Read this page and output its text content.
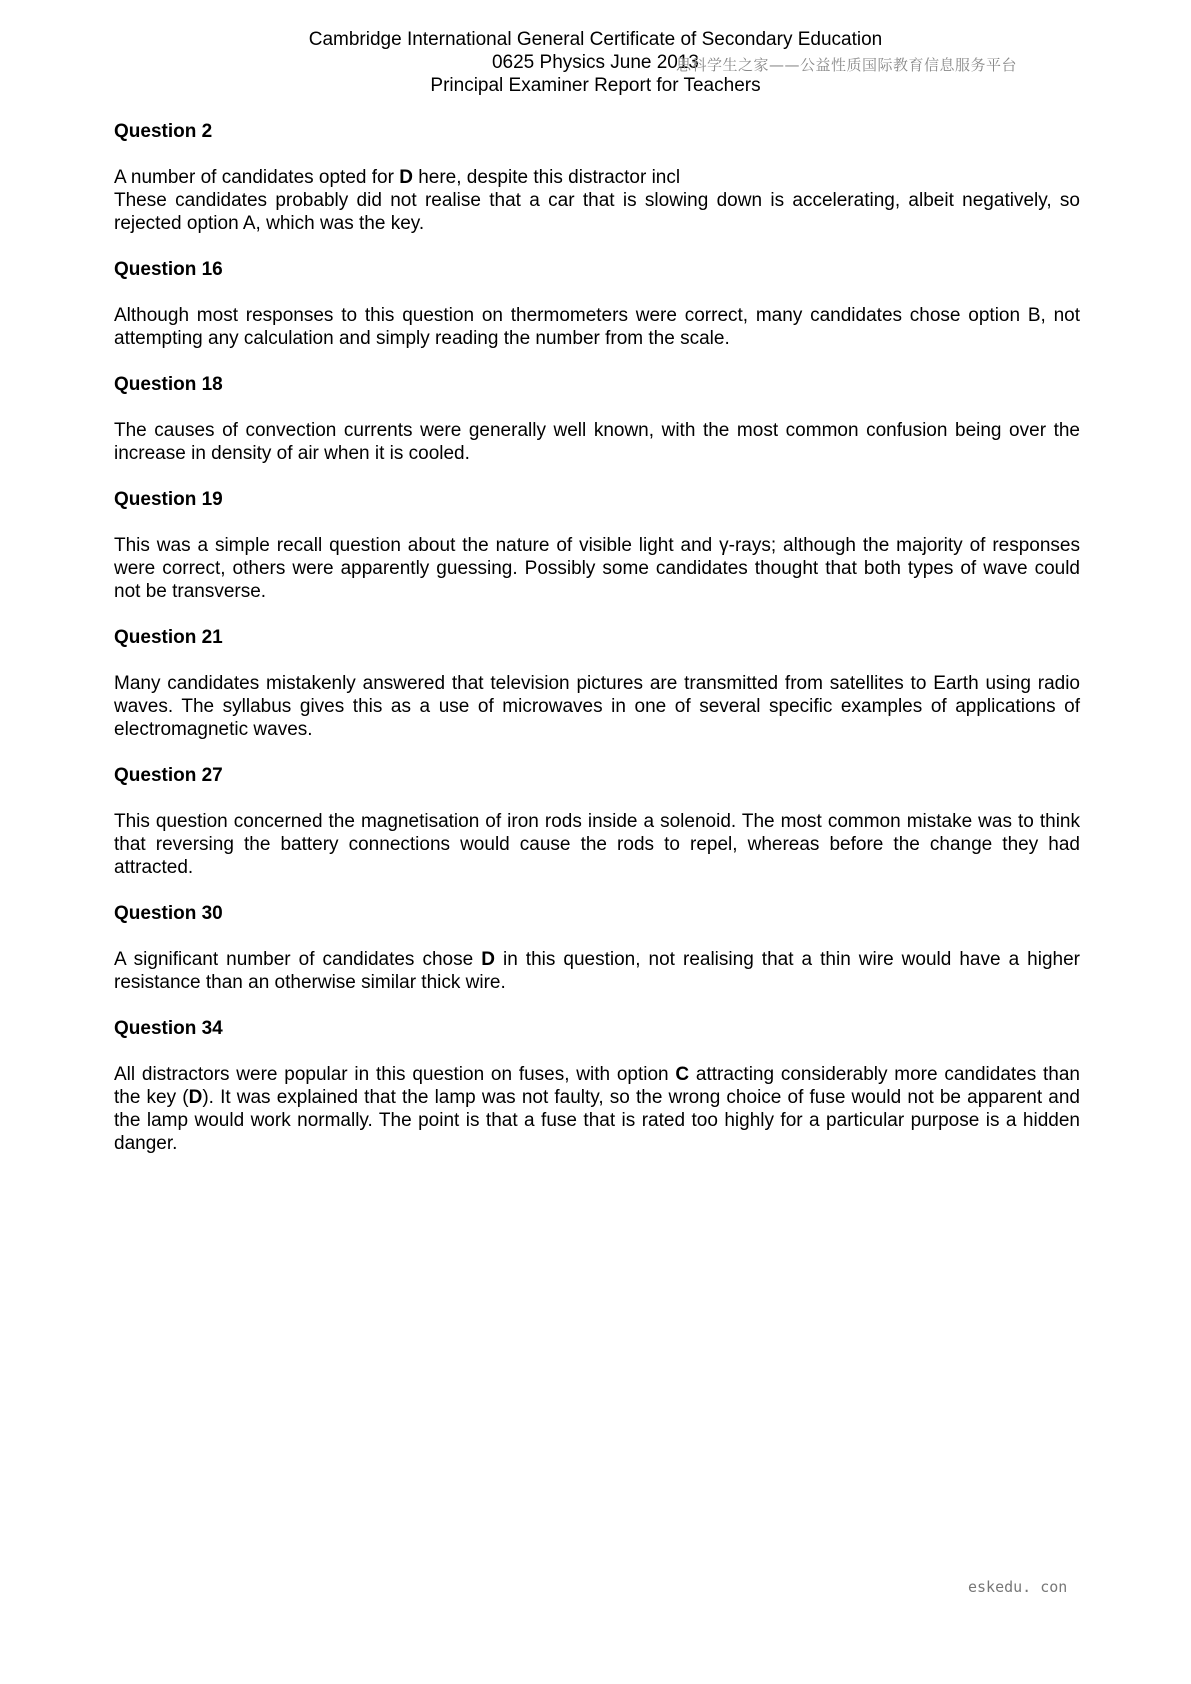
Cambridge International General Certificate of Secondary Education
0625 Physics June 2013
Principal Examiner Report for Teachers
思科学生之家——公益性质国际教育信息服务平台

Question 2

A number of candidates opted for D here, despite this distractor incl

These candidates probably did not realise that a car that is slowing down is accelerating, albeit negatively, so rejected option A, which was the key.

Question 16

Although most responses to this question on thermometers were correct, many candidates chose option B, not attempting any calculation and simply reading the number from the scale.

Question 18

The causes of convection currents were generally well known, with the most common confusion being over the increase in density of air when it is cooled.

Question 19

This was a simple recall question about the nature of visible light and γ-rays; although the majority of responses were correct, others were apparently guessing. Possibly some candidates thought that both types of wave could not be transverse.

Question 21

Many candidates mistakenly answered that television pictures are transmitted from satellites to Earth using radio waves. The syllabus gives this as a use of microwaves in one of several specific examples of applications of electromagnetic waves.

Question 27

This question concerned the magnetisation of iron rods inside a solenoid. The most common mistake was to think that reversing the battery connections would cause the rods to repel, whereas before the change they had attracted.

Question 30

A significant number of candidates chose D in this question, not realising that a thin wire would have a higher resistance than an otherwise similar thick wire.

Question 34

All distractors were popular in this question on fuses, with option C attracting considerably more candidates than the key (D). It was explained that the lamp was not faulty, so the wrong choice of fuse would not be apparent and the lamp would work normally. The point is that a fuse that is rated too highly for a particular purpose is a hidden danger.

eskedu. con
